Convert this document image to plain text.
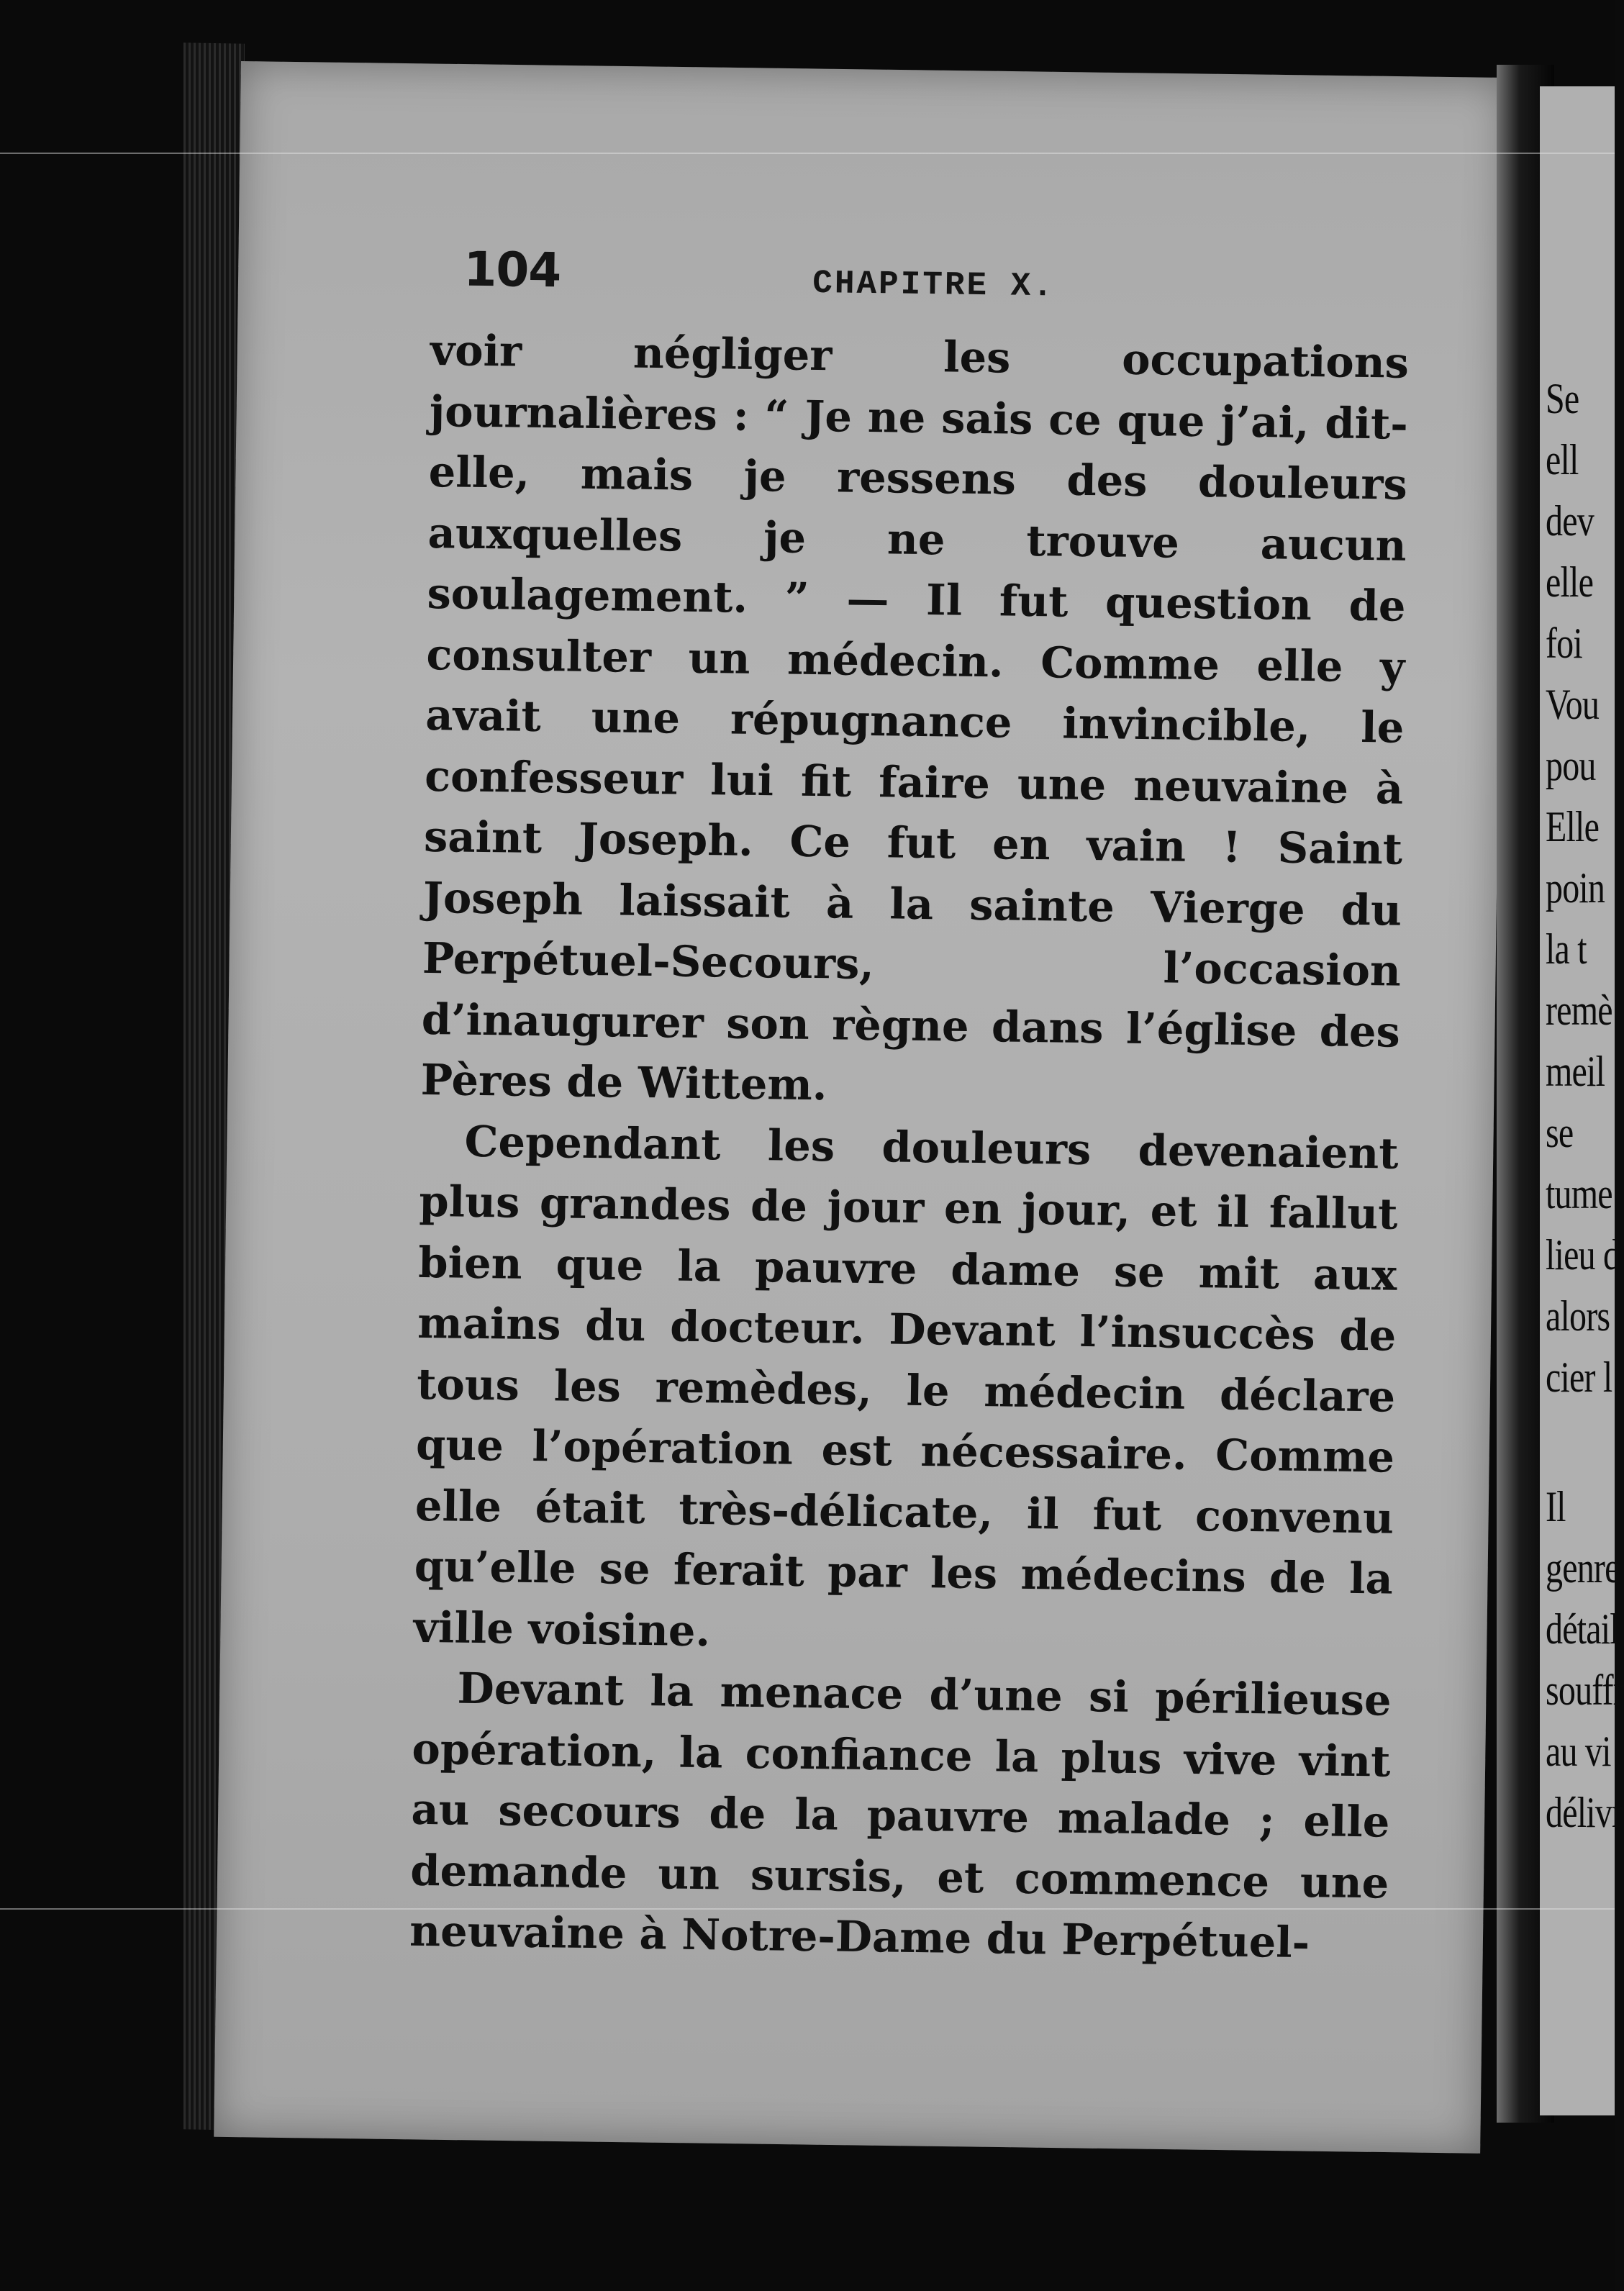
Se
ell
dev
elle
foi
Vou
pou
Elle
poin
la t
remè
meil
se
tume
lieu d
alors
cier l
Il
genre
détail
souffr
au vi
délivr
104	CHAPITRE X.

voir négliger les occupations journalières : “ Je ne sais ce que j’ai, dit-elle, mais je ressens des douleurs auxquelles je ne trouve aucun soulagement. ” — Il fut question de consulter un médecin. Comme elle y avait une répugnance invincible, le confesseur lui fit faire une neuvaine à saint Joseph. Ce fut en vain ! Saint Joseph laissait à la sainte Vierge du Perpétuel-Secours, l’occasion d’inaugurer son règne dans l’église des Pères de Wittem.

Cependant les douleurs devenaient plus grandes de jour en jour, et il fallut bien que la pauvre dame se mit aux mains du docteur. Devant l’insuccès de tous les remèdes, le médecin déclare que l’opération est nécessaire. Comme elle était très-délicate, il fut convenu qu’elle se ferait par les médecins de la ville voisine.

Devant la menace d’une si périlieuse opération, la confiance la plus vive vint au secours de la pauvre malade ; elle demande un sursis, et commence une neuvaine à Notre-Dame du Perpétuel-
